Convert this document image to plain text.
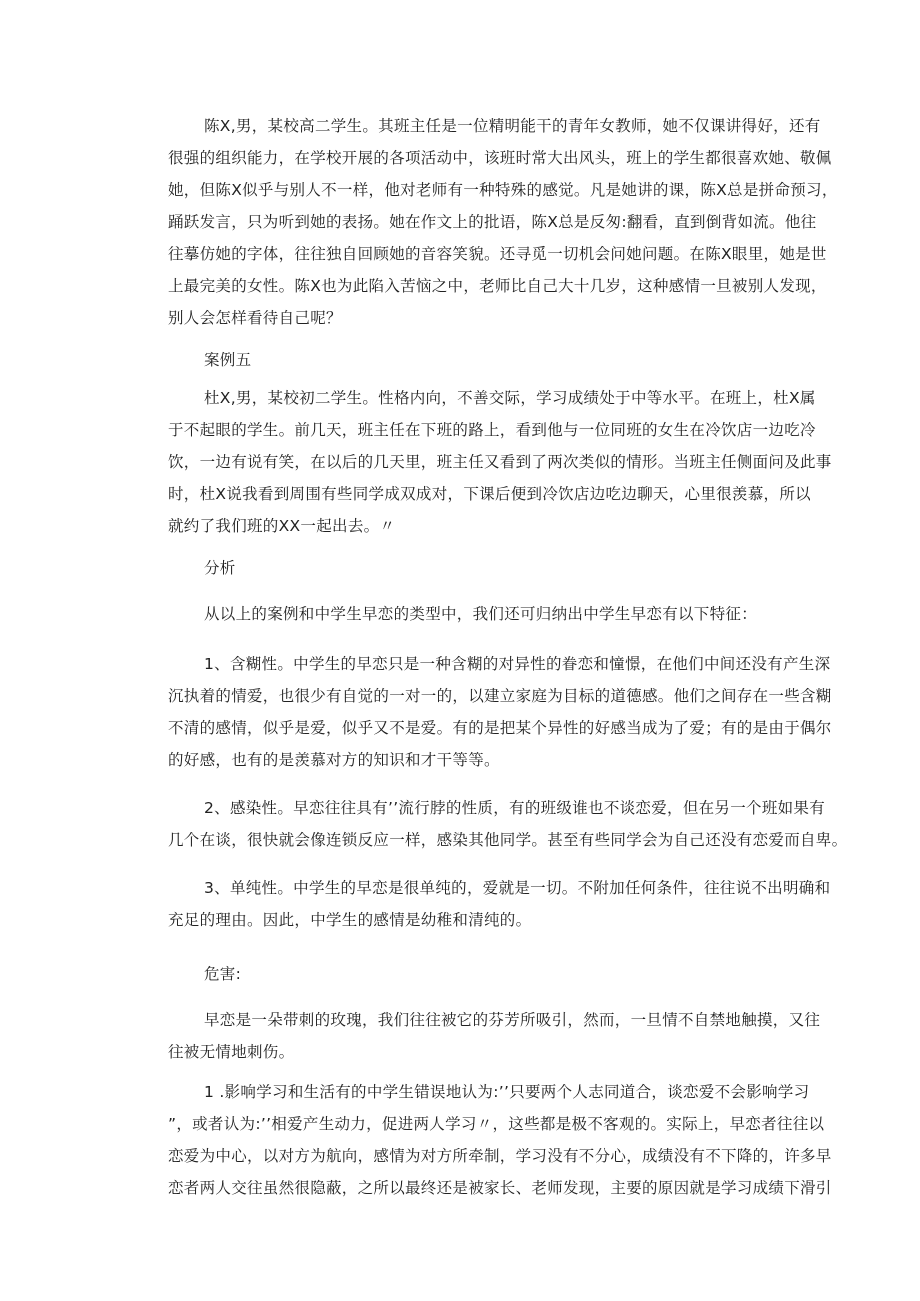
陈X,男，某校高二学生。其班主任是一位精明能干的青年女教师，她不仅课讲得好，还有
很强的组织能力，在学校开展的各项活动中，该班时常大出风头，班上的学生都很喜欢她、敬佩
她，但陈X似乎与别人不一样，他对老师有一种特殊的感觉。凡是她讲的课，陈X总是拼命预习，
踊跃发言，只为听到她的表扬。她在作文上的批语，陈X总是反匆:翻看，直到倒背如流。他往
往摹仿她的字体，往往独自回顾她的音容笑貌。还寻觅一切机会问她问题。在陈X眼里，她是世
上最完美的女性。陈X也为此陷入苦恼之中，老师比自己大十几岁，这种感情一旦被别人发现，
别人会怎样看待自己呢？
案例五
杜X,男，某校初二学生。性格内向，不善交际，学习成绩处于中等水平。在班上，杜X属
于不起眼的学生。前几天，班主任在下班的路上，看到他与一位同班的女生在冷饮店一边吃冷
饮，一边有说有笑，在以后的几天里，班主任又看到了两次类似的情形。当班主任侧面问及此事
时，杜X说我看到周围有些同学成双成对，下课后便到冷饮店边吃边聊天，心里很羡慕，所以
就约了我们班的XX一起出去。〃
分析
从以上的案例和中学生早恋的类型中，我们还可归纳出中学生早恋有以下特征：
1、含糊性。中学生的早恋只是一种含糊的对异性的眷恋和憧憬，在他们中间还没有产生深
沉执着的情爱，也很少有自觉的一对一的，以建立家庭为目标的道德感。他们之间存在一些含糊
不清的感情，似乎是爱，似乎又不是爱。有的是把某个异性的好感当成为了爱；有的是由于偶尔
的好感，也有的是羡慕对方的知识和才干等等。
2、感染性。早恋往往具有’’流行脖的性质，有的班级谁也不谈恋爱，但在另一个班如果有
几个在谈，很快就会像连锁反应一样，感染其他同学。甚至有些同学会为自己还没有恋爱而自卑。
3、单纯性。中学生的早恋是很单纯的，爱就是一切。不附加任何条件，往往说不出明确和
充足的理由。因此，中学生的感情是幼稚和清纯的。
危害:
早恋是一朵带刺的玫瑰，我们往往被它的芬芳所吸引，然而，一旦情不自禁地触摸，又往
往被无情地刺伤。
1 .影响学习和生活有的中学生错误地认为:’’只要两个人志同道合，谈恋爱不会影响学习
”，或者认为:’’相爱产生动力，促进两人学习〃，这些都是极不客观的。实际上，早恋者往往以
恋爱为中心，以对方为航向，感情为对方所牵制，学习没有不分心，成绩没有不下降的，许多早
恋者两人交往虽然很隐蔽，之所以最终还是被家长、老师发现，主要的原因就是学习成绩下滑引
